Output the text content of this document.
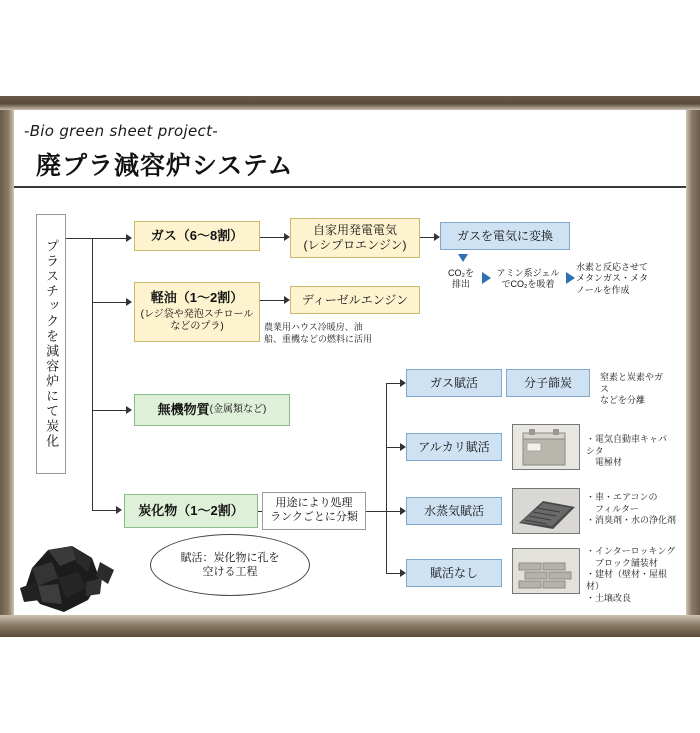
-Bio green sheet project-
廃プラ減容炉システム
プラスチックを減容炉にて炭化
ガス（6〜8割）
軽油（1〜2割）
(レジ袋や発泡スチロールなどのプラ)
無機物質 (金属類など)
炭化物（1〜2割）
自家用発電電気
(レシプロエンジン)
ディーゼルエンジン
ガスを電気に変換
農業用ハウス冷暖房、油船、重機などの燃料に活用
CO₂を
排出
アミン系ジェル
でCO₂を吸着
水素と反応させて
メタンガス・メタ
ノールを作成
用途により処理
ランクごとに分類
賦活：炭化物に孔を
空ける工程
ガス賦活	分子篩炭	窒素と炭素やガス
などを分離
アルカリ賦活
・電気自動車キャパシタ
　電極材
水蒸気賦活
・車・エアコンの
　フィルター
・消臭剤・水の浄化剤
賦活なし
・インターロッキング
　ブロック舗装材
・建材（壁材・屋根材）
・土壌改良
